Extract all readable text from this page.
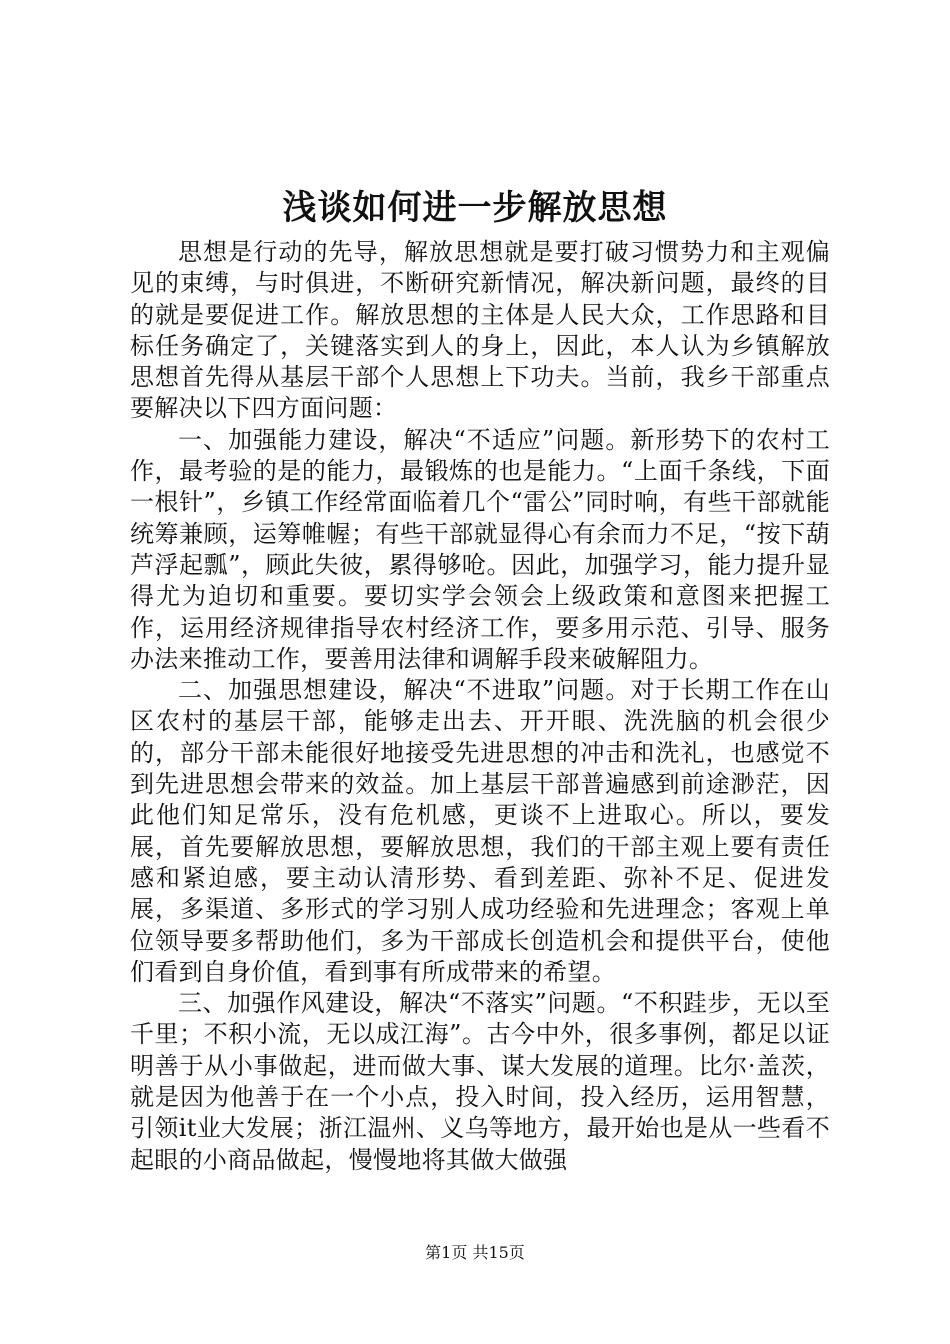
浅谈如何进一步解放思想

思想是行动的先导，解放思想就是要打破习惯势力和主观偏见的束缚，与时俱进，不断研究新情况，解决新问题，最终的目的就是要促进工作。解放思想的主体是人民大众，工作思路和目标任务确定了，关键落实到人的身上，因此，本人认为乡镇解放思想首先得从基层干部个人思想上下功夫。当前，我乡干部重点要解决以下四方面问题：

一、加强能力建设，解决“不适应”问题。新形势下的农村工作，最考验的是的能力，最锻炼的也是能力。“上面千条线，下面一根针”，乡镇工作经常面临着几个“雷公”同时响，有些干部就能统筹兼顾，运筹帷幄；有些干部就显得心有余而力不足，“按下葫芦浮起瓢”，顾此失彼，累得够呛。因此，加强学习，能力提升显得尤为迫切和重要。要切实学会领会上级政策和意图来把握工作，运用经济规律指导农村经济工作，要多用示范、引导、服务办法来推动工作，要善用法律和调解手段来破解阻力。

二、加强思想建设，解决“不进取”问题。对于长期工作在山区农村的基层干部，能够走出去、开开眼、洗洗脑的机会很少的，部分干部未能很好地接受先进思想的冲击和洗礼，也感觉不到先进思想会带来的效益。加上基层干部普遍感到前途渺茫，因此他们知足常乐，没有危机感，更谈不上进取心。所以，要发展，首先要解放思想，要解放思想，我们的干部主观上要有责任感和紧迫感，要主动认清形势、看到差距、弥补不足、促进发展，多渠道、多形式的学习别人成功经验和先进理念；客观上单位领导要多帮助他们，多为干部成长创造机会和提供平台，使他们看到自身价值，看到事有所成带来的希望。

三、加强作风建设，解决“不落实”问题。“不积跬步，无以至千里；不积小流，无以成江海”。古今中外，很多事例，都足以证明善于从小事做起，进而做大事、谋大发展的道理。比尔·盖茨，就是因为他善于在一个小点，投入时间，投入经历，运用智慧，引领it业大发展；浙江温州、义乌等地方，最开始也是从一些看不起眼的小商品做起，慢慢地将其做大做强

第1页 共15页
